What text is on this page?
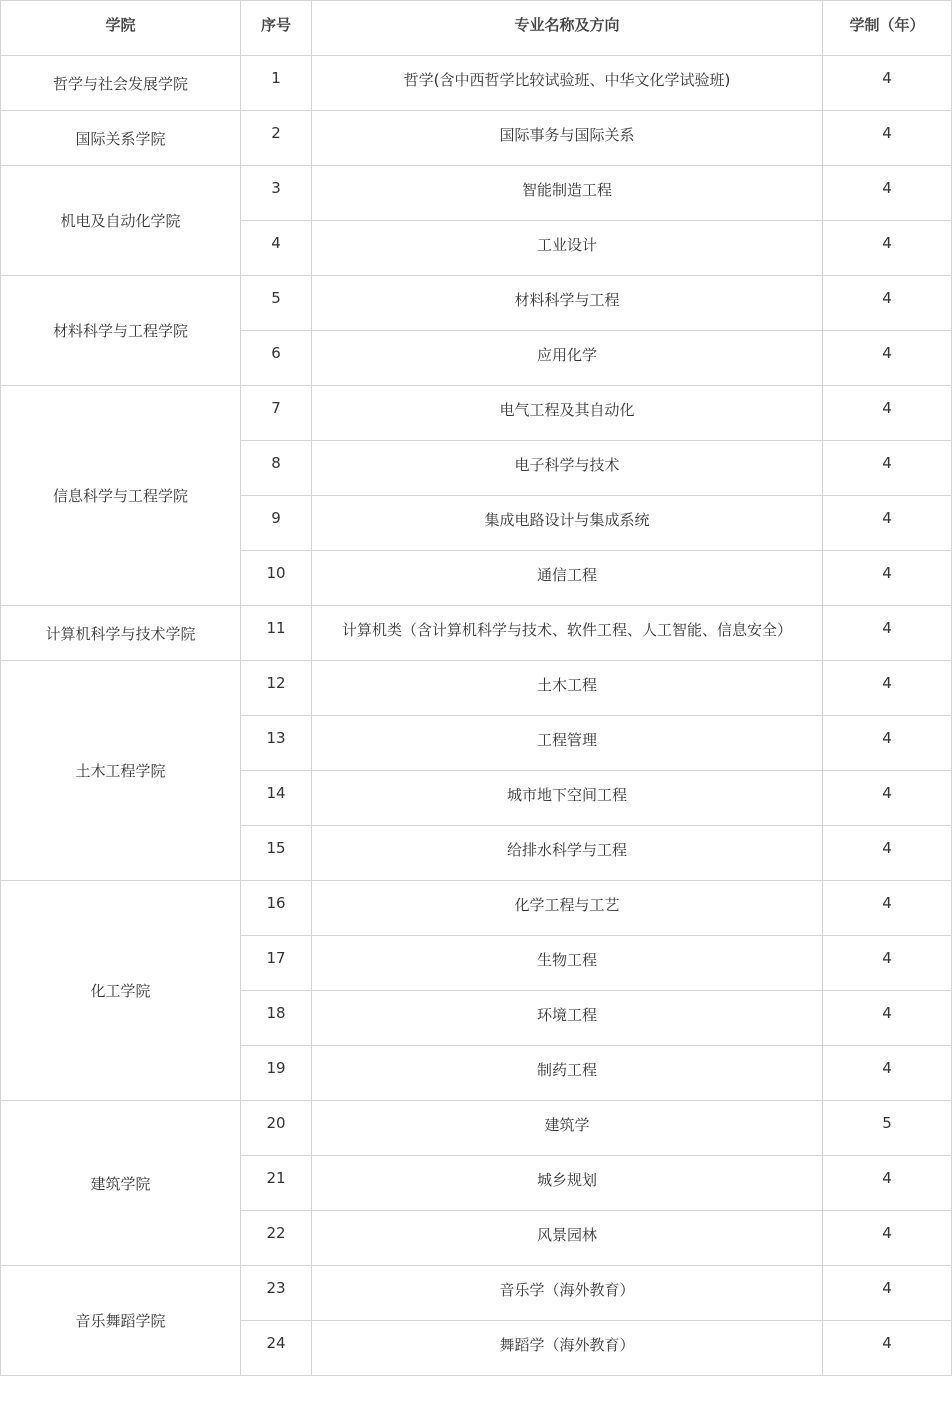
学院	序号	专业名称及方向	学制（年）
哲学与社会发展学院	1	哲学(含中西哲学比较试验班、中华文化学试验班)	4
国际关系学院	2	国际事务与国际关系	4
机电及自动化学院	3	智能制造工程	4
	4	工业设计	4
材料科学与工程学院	5	材料科学与工程	4
	6	应用化学	4
信息科学与工程学院	7	电气工程及其自动化	4
	8	电子科学与技术	4
	9	集成电路设计与集成系统	4
	10	通信工程	4
计算机科学与技术学院	11	计算机类（含计算机科学与技术、软件工程、人工智能、信息安全）	4
土木工程学院	12	土木工程	4
	13	工程管理	4
	14	城市地下空间工程	4
	15	给排水科学与工程	4
化工学院	16	化学工程与工艺	4
	17	生物工程	4
	18	环境工程	4
	19	制药工程	4
建筑学院	20	建筑学	5
	21	城乡规划	4
	22	风景园林	4
音乐舞蹈学院	23	音乐学（海外教育）	4
	24	舞蹈学（海外教育）	4
